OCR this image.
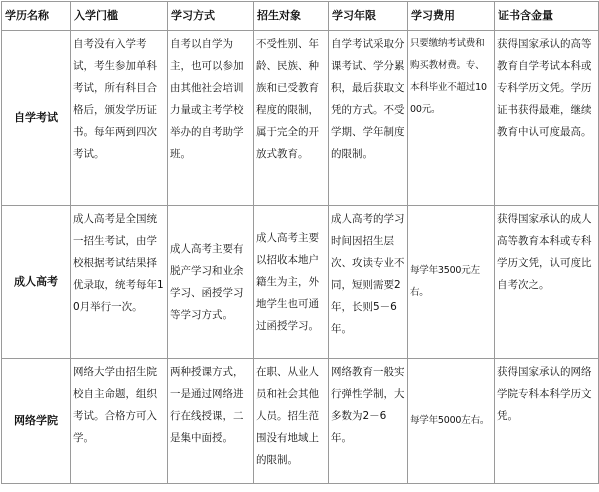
学历名称	入学门槛	学习方式	招生对象	学习年限	学习费用	证书含金量
自学考试	自考没有入学考试，考生参加单科考试，所有科目合格后，颁发学历证书。每年两到四次考试。	自考以自学为主，也可以参加由其他社会培训力量或主考学校举办的自考助学班。	不受性别、年龄、民族、种族和已受教育程度的限制，属于完全的开放式教育。	自学考试采取分课考试、学分累积，最后获取文凭的方式。不受学期、学年制度的限制。	只要缴纳考试费和购买教材费。专、本科毕业不超过1000元。	获得国家承认的高等教育自学考试本科或专科学历文凭。学历证书获得最难，继续教育中认可度最高。
成人高考	成人高考是全国统一招生考试，由学校根据考试结果择优录取，统考每年10月举行一次。	成人高考主要有脱产学习和业余学习、函授学习等学习方式。	成人高考主要以招收本地户籍生为主，外地学生也可通过函授学习。	成人高考的学习时间因招生层次、攻读专业不同，短则需要2年，长则5－6年。	每学年3500元左右。	获得国家承认的成人高等教育本科或专科学历文凭，认可度比自考次之。
网络学院	网络大学由招生院校自主命题，组织考试。合格方可入学。	两种授课方式，一是通过网络进行在线授课，二是集中面授。	在职、从业人员和社会其他人员。招生范围没有地域上的限制。	网络教育一般实行弹性学制，大多数为2－6年。	每学年5000左右。	获得国家承认的网络学院专科本科学历文凭。
